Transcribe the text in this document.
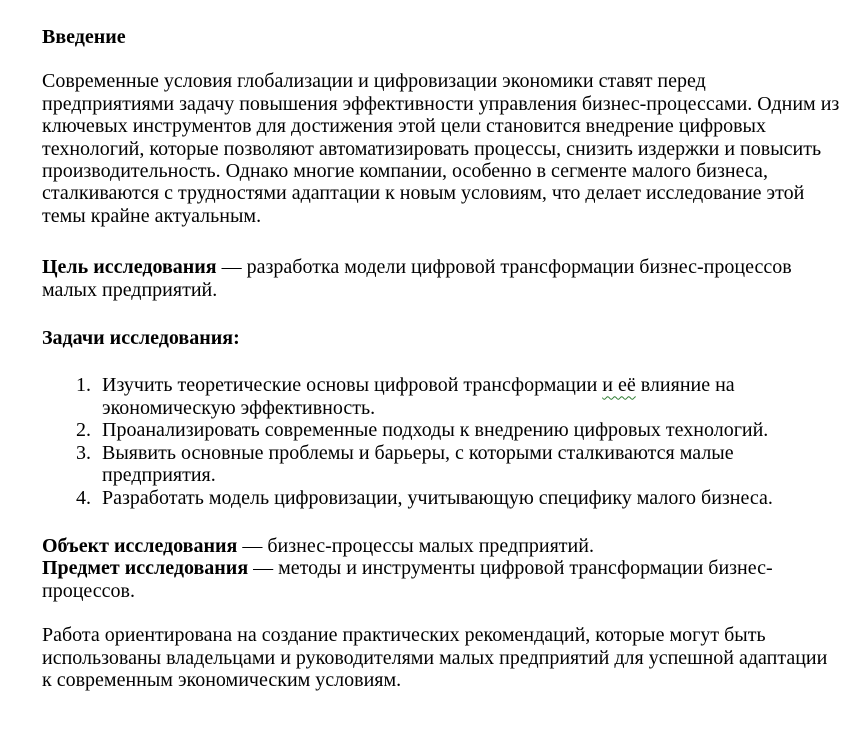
Введение

Современные условия глобализации и цифровизации экономики ставят перед предприятиями задачу повышения эффективности управления бизнес-процессами. Одним из ключевых инструментов для достижения этой цели становится внедрение цифровых технологий, которые позволяют автоматизировать процессы, снизить издержки и повысить производительность. Однако многие компании, особенно в сегменте малого бизнеса, сталкиваются с трудностями адаптации к новым условиям, что делает исследование этой темы крайне актуальным.

Цель исследования — разработка модели цифровой трансформации бизнес-процессов малых предприятий.

Задачи исследования:

1. Изучить теоретические основы цифровой трансформации и её влияние на экономическую эффективность.
2. Проанализировать современные подходы к внедрению цифровых технологий.
3. Выявить основные проблемы и барьеры, с которыми сталкиваются малые предприятия.
4. Разработать модель цифровизации, учитывающую специфику малого бизнеса.

Объект исследования — бизнес-процессы малых предприятий.

Предмет исследования — методы и инструменты цифровой трансформации бизнес-процессов.

Работа ориентирована на создание практических рекомендаций, которые могут быть использованы владельцами и руководителями малых предприятий для успешной адаптации к современным экономическим условиям.
